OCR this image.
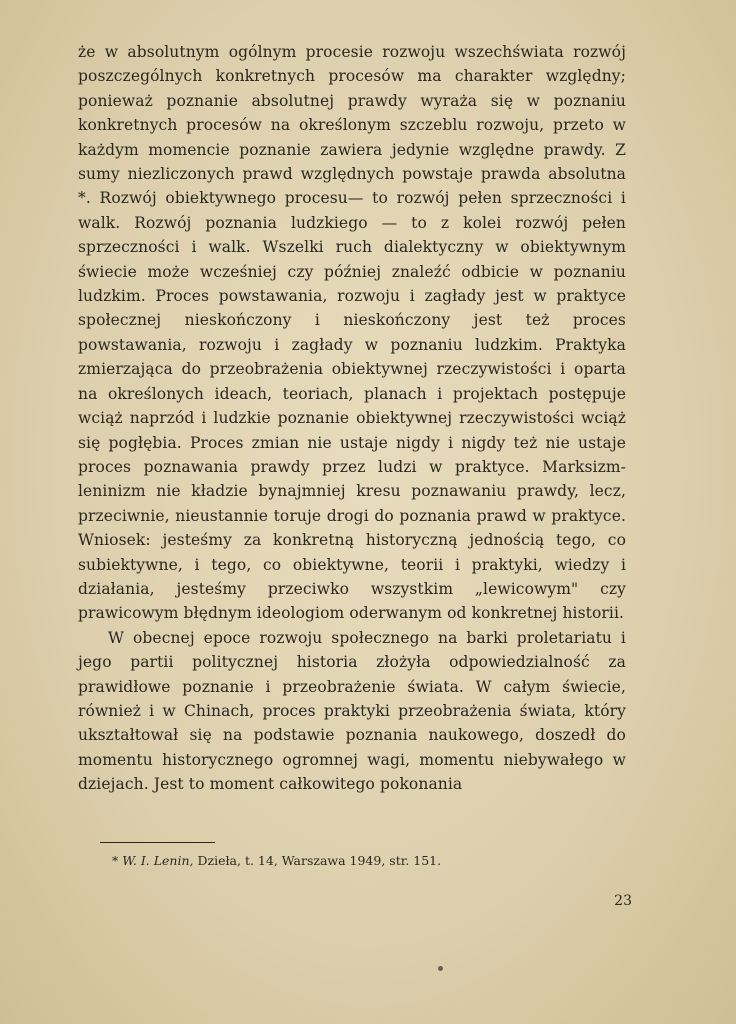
że w absolutnym ogólnym procesie rozwoju wszechświata rozwój poszczególnych konkretnych procesów ma charakter względny; ponieważ poznanie absolutnej prawdy wyraża się w poznaniu konkretnych procesów na określonym szczeblu rozwoju, przeto w każdym momencie poznanie zawiera jedynie względne prawdy. Z sumy niezliczonych prawd względnych powstaje prawda absolutna *. Rozwój obiektywnego procesu— to rozwój pełen sprzeczności i walk. Rozwój poznania ludzkiego — to z kolei rozwój pełen sprzeczności i walk. Wszelki ruch dialektyczny w obiektywnym świecie może wcześniej czy później znaleźć odbicie w poznaniu ludzkim. Proces powstawania, rozwoju i zagłady jest w praktyce społecznej nieskończony i nieskończony jest też proces powstawania, rozwoju i zagłady w poznaniu ludzkim. Praktyka zmierzająca do przeobrażenia obiektywnej rzeczywistości i oparta na określonych ideach, teoriach, planach i projektach postępuje wciąż naprzód i ludzkie poznanie obiektywnej rzeczywistości wciąż się pogłębia. Proces zmian nie ustaje nigdy i nigdy też nie ustaje proces poznawania prawdy przez ludzi w praktyce. Marksizm-leninizm nie kładzie bynajmniej kresu poznawaniu prawdy, lecz, przeciwnie, nieustannie toruje drogi do poznania prawd w praktyce. Wniosek: jesteśmy za konkretną historyczną jednością tego, co subiektywne, i tego, co obiektywne, teorii i praktyki, wiedzy i działania, jesteśmy przeciwko wszystkim „lewicowym" czy prawicowym błędnym ideologiom oderwanym od konkretnej historii.

W obecnej epoce rozwoju społecznego na barki proletariatu i jego partii politycznej historia złożyła odpowiedzialność za prawidłowe poznanie i przeobrażenie świata. W całym świecie, również i w Chinach, proces praktyki przeobrażenia świata, który ukształtował się na podstawie poznania naukowego, doszedł do momentu historycznego ogromnej wagi, momentu niebywałego w dziejach. Jest to moment całkowitego pokonania

* W. I. Lenin, Dzieła, t. 14, Warszawa 1949, str. 151.
23
